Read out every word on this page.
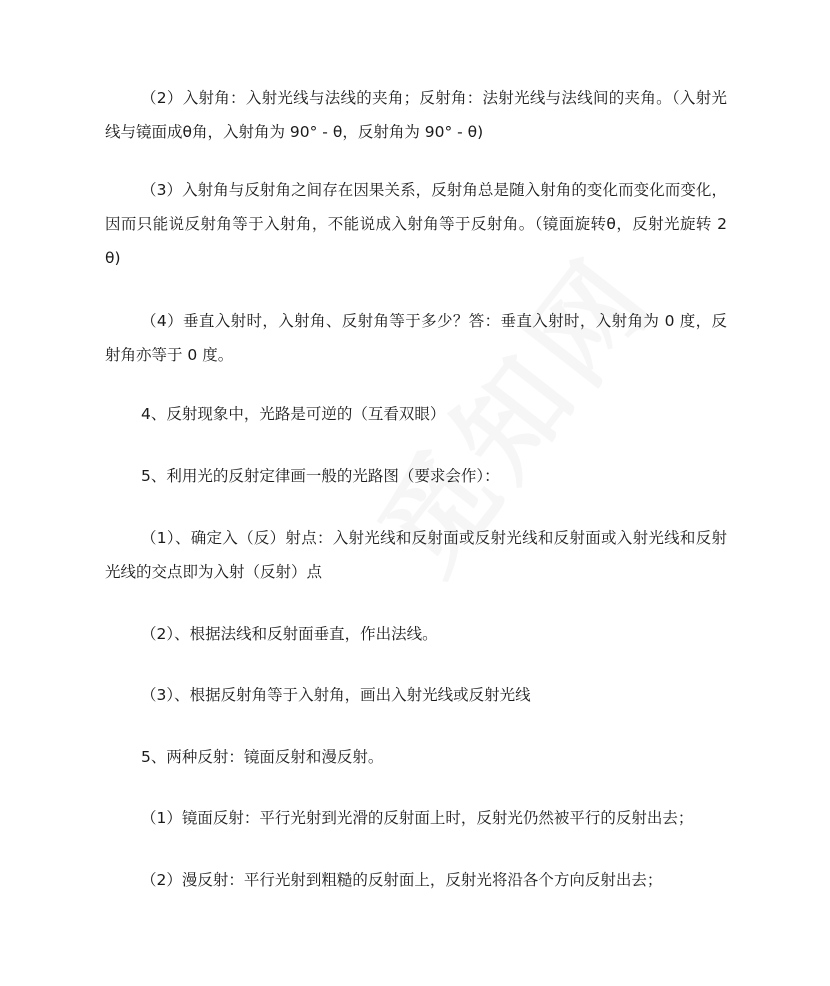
（2）入射角：入射光线与法线的夹角；反射角：法射光线与法线间的夹角。（入射光
线与镜面成θ角，入射角为 90° - θ，反射角为 90° - θ)
（3）入射角与反射角之间存在因果关系，反射角总是随入射角的变化而变化而变化，
因而只能说反射角等于入射角，不能说成入射角等于反射角。（镜面旋转θ，反射光旋转 2
θ)
（4）垂直入射时，入射角、反射角等于多少？答：垂直入射时，入射角为 0 度，反
射角亦等于 0 度。
4、反射现象中，光路是可逆的（互看双眼）
5、利用光的反射定律画一般的光路图（要求会作）：
（1）、确定入（反）射点：入射光线和反射面或反射光线和反射面或入射光线和反射
光线的交点即为入射（反射）点
（2）、根据法线和反射面垂直，作出法线。
（3）、根据反射角等于入射角，画出入射光线或反射光线
5、两种反射：镜面反射和漫反射。
（1）镜面反射：平行光射到光滑的反射面上时，反射光仍然被平行的反射出去；
（2）漫反射：平行光射到粗糙的反射面上，反射光将沿各个方向反射出去；
